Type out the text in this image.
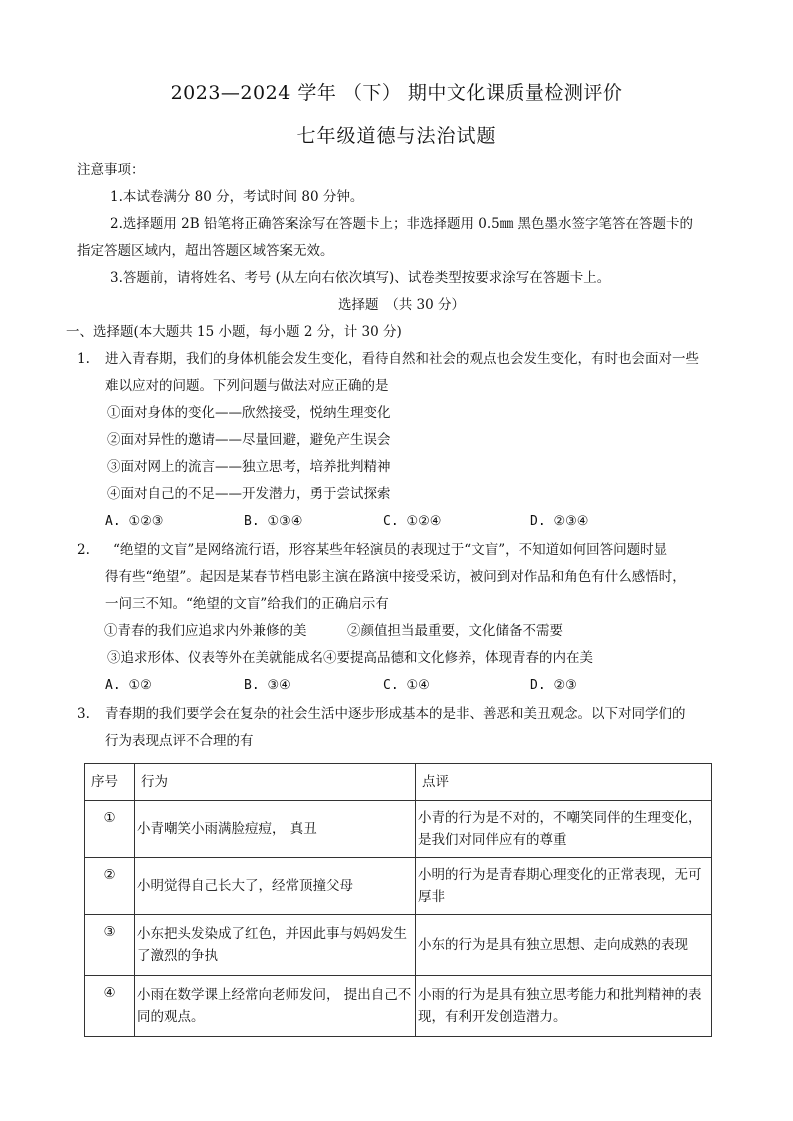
2023—2024 学年 （下） 期中文化课质量检测评价
七年级道德与法治试题
注意事项：
1.本试卷满分 80 分，考试时间 80 分钟。
2.选择题用 2B 铅笔将正确答案涂写在答题卡上；非选择题用 0.5㎜ 黑色墨水签字笔答在答题卡的
指定答题区域内，超出答题区域答案无效。
3.答题前，请将姓名、考号 (从左向右依次填写)、试卷类型按要求涂写在答题卡上。
选择题　（共 30 分）
一、选择题(本大题共 15 小题，每小题 2 分，计 30 分)
1. 进入青春期，我们的身体机能会发生变化，看待自然和社会的观点也会发生变化，有时也会面对一些
难以应对的问题。下列问题与做法对应正确的是
①面对身体的变化——欣然接受，悦纳生理变化
②面对异性的邀请——尽量回避，避免产生误会
③面对网上的流言——独立思考，培养批判精神
④面对自己的不足——开发潜力，勇于尝试探索
A. ①②③	B. ①③④	C. ①②④	D. ②③④
2. “绝望的文盲”是网络流行语，形容某些年轻演员的表现过于“文盲”，不知道如何回答问题时显
得有些“绝望”。起因是某春节档电影主演在路演中接受采访，被问到对作品和角色有什么感悟时，
一问三不知。“绝望的文盲”给我们的正确启示有
①青春的我们应追求内外兼修的美　　　②颜值担当最重要，文化储备不需要
③追求形体、仪表等外在美就能成名④要提高品德和文化修养，体现青春的内在美
A. ①②	B. ③④	C. ①④	D. ②③
3. 青春期的我们要学会在复杂的社会生活中逐步形成基本的是非、善恶和美丑观念。以下对同学们的
行为表现点评不合理的有
序号	行为	点评
①	小青嘲笑小雨满脸痘痘， 真丑	小青的行为是不对的，不嘲笑同伴的生理变化，　是我们对同伴应有的尊重
②	小明觉得自己长大了，经常顶撞父母	小明的行为是青春期心理变化的正常表现，无可厚非
③	小东把头发染成了红色，并因此事与妈妈发生了激烈的争执	小东的行为是具有独立思想、走向成熟的表现
④	小雨在数学课上经常向老师发问， 提出自己不同的观点。	小雨的行为是具有独立思考能力和批判精神的表现，有利开发创造潜力。
